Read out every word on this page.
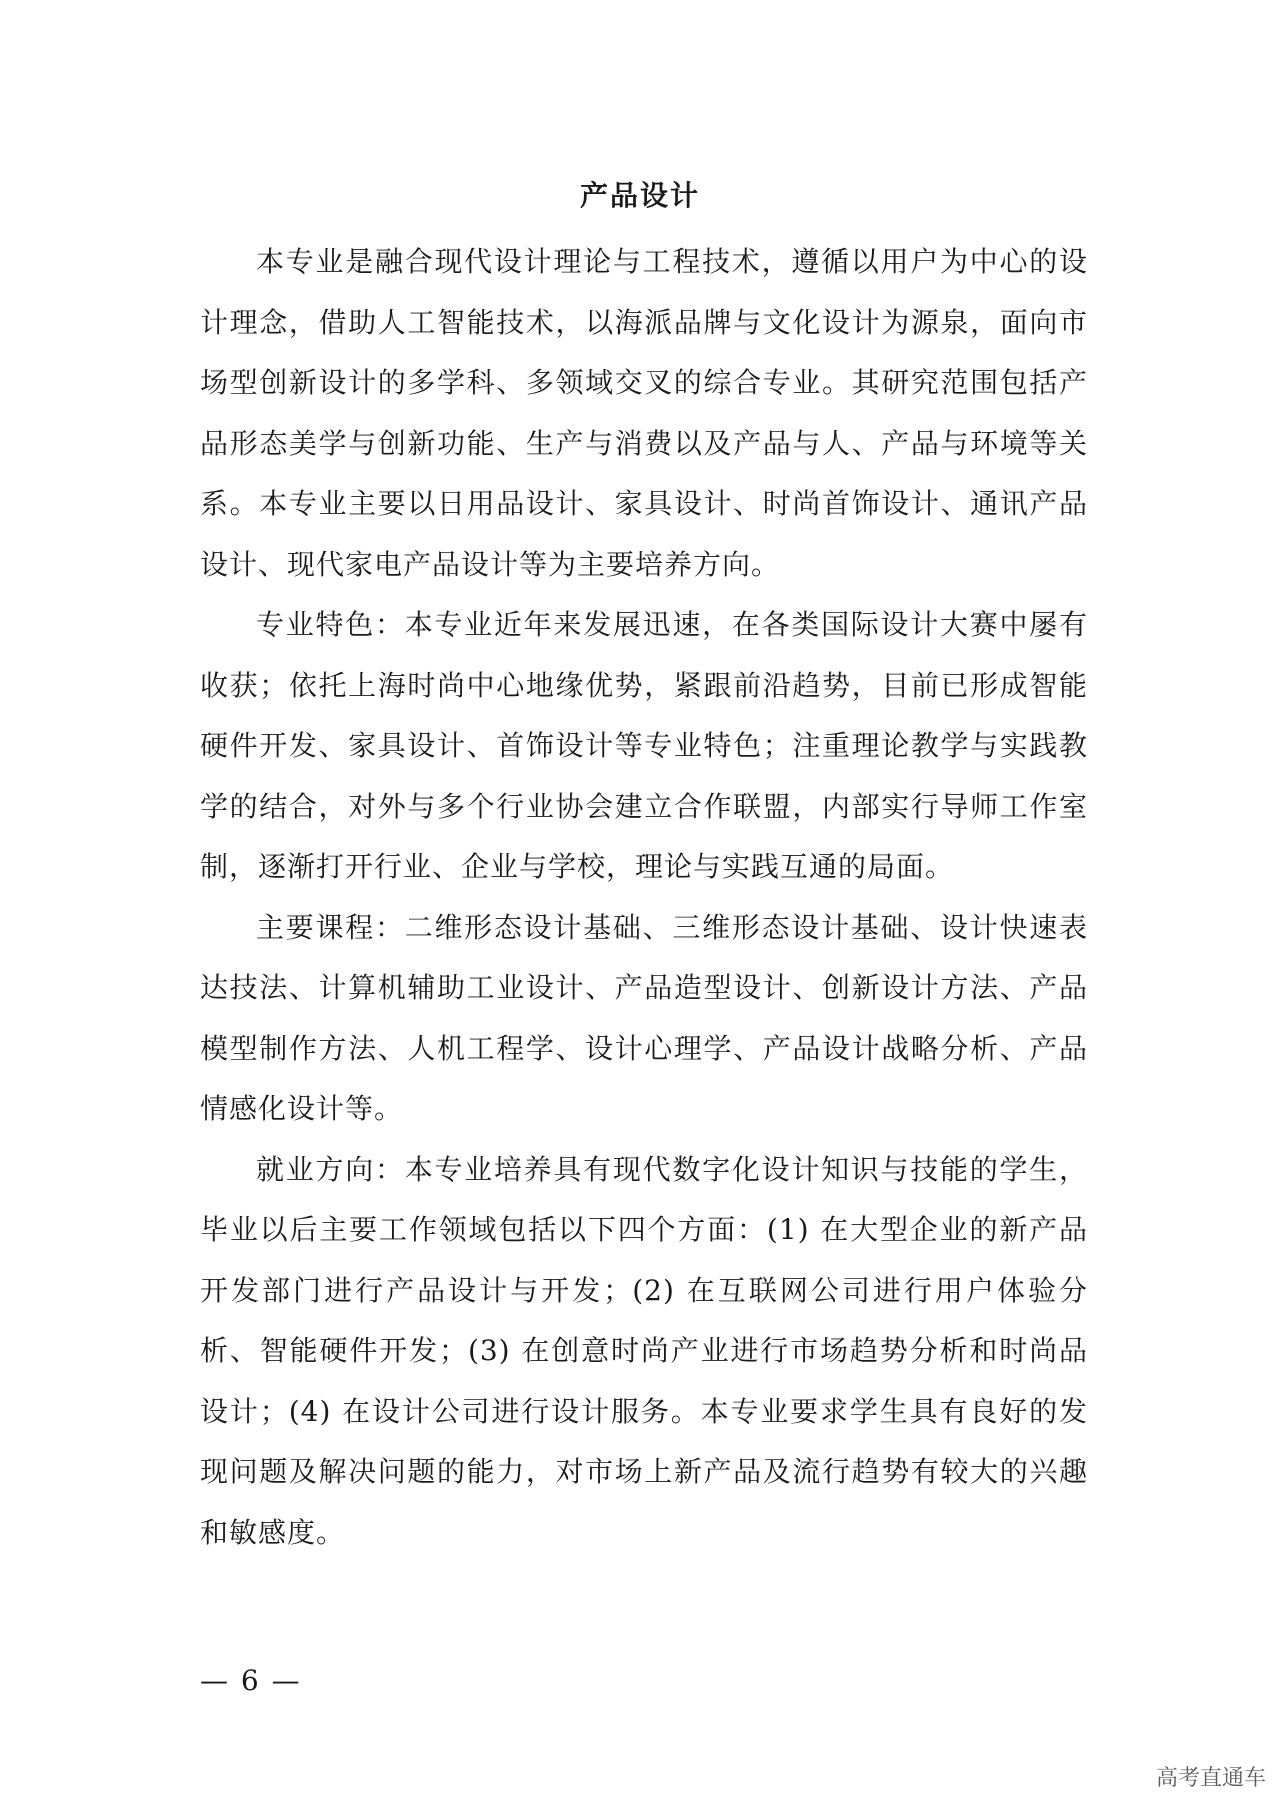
产品设计

本专业是融合现代设计理论与工程技术，遵循以用户为中心的设计理念，借助人工智能技术，以海派品牌与文化设计为源泉，面向市场型创新设计的多学科、多领域交叉的综合专业。其研究范围包括产品形态美学与创新功能、生产与消费以及产品与人、产品与环境等关系。本专业主要以日用品设计、家具设计、时尚首饰设计、通讯产品设计、现代家电产品设计等为主要培养方向。

专业特色：本专业近年来发展迅速，在各类国际设计大赛中屡有收获；依托上海时尚中心地缘优势，紧跟前沿趋势，目前已形成智能硬件开发、家具设计、首饰设计等专业特色；注重理论教学与实践教学的结合，对外与多个行业协会建立合作联盟，内部实行导师工作室制，逐渐打开行业、企业与学校，理论与实践互通的局面。

主要课程：二维形态设计基础、三维形态设计基础、设计快速表达技法、计算机辅助工业设计、产品造型设计、创新设计方法、产品模型制作方法、人机工程学、设计心理学、产品设计战略分析、产品情感化设计等。

就业方向：本专业培养具有现代数字化设计知识与技能的学生，毕业以后主要工作领域包括以下四个方面：(1) 在大型企业的新产品开发部门进行产品设计与开发；(2) 在互联网公司进行用户体验分析、智能硬件开发；(3) 在创意时尚产业进行市场趋势分析和时尚品设计；(4) 在设计公司进行设计服务。本专业要求学生具有良好的发现问题及解决问题的能力，对市场上新产品及流行趋势有较大的兴趣和敏感度。

— 6 —
高考直通车
